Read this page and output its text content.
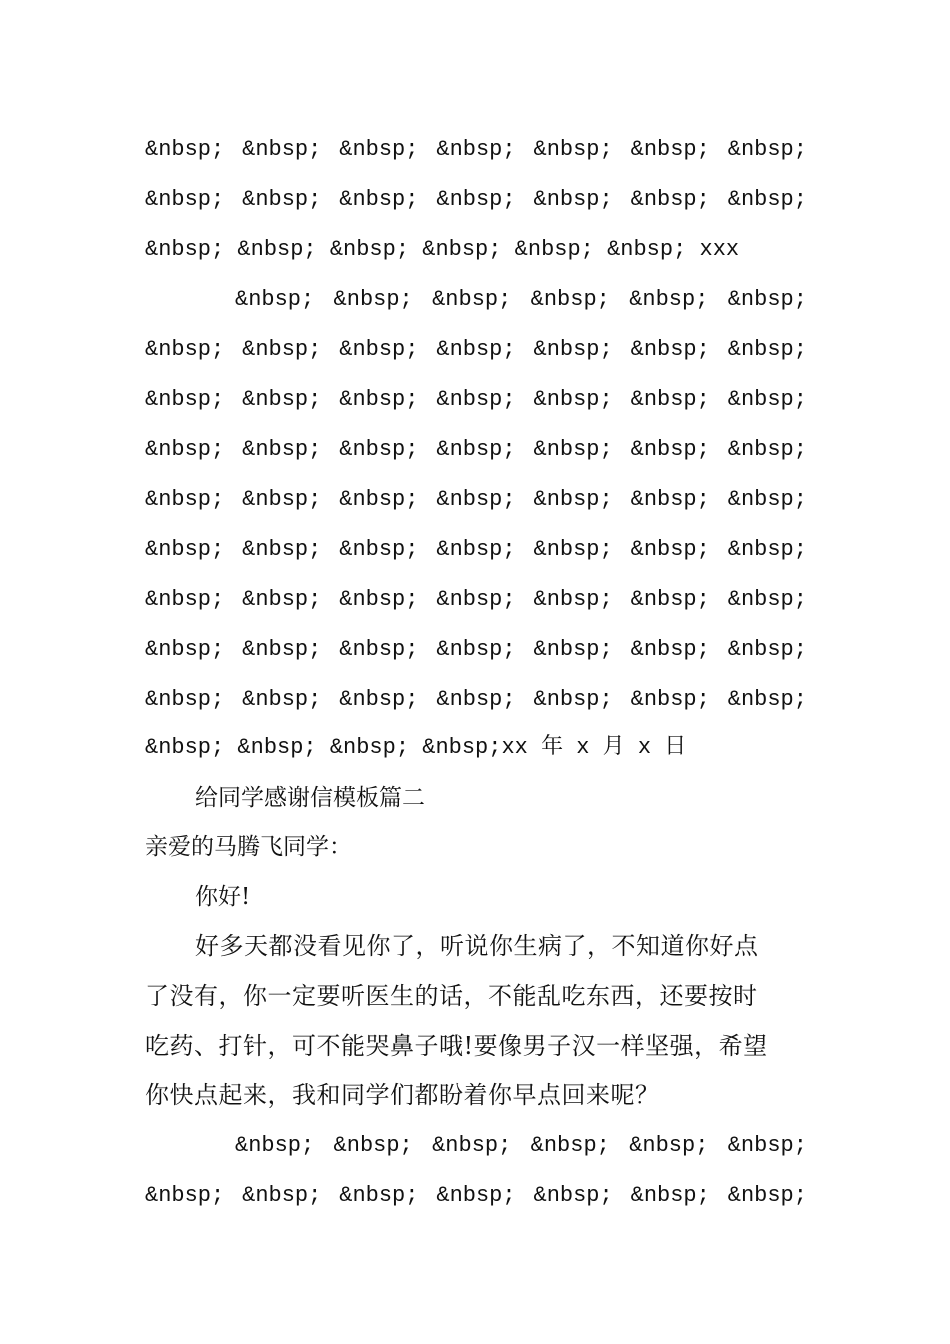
&nbsp; &nbsp; &nbsp; &nbsp; &nbsp; &nbsp; &nbsp;
&nbsp; &nbsp; &nbsp; &nbsp; &nbsp; &nbsp; &nbsp;
&nbsp; &nbsp; &nbsp; &nbsp; &nbsp; &nbsp; xxx
&nbsp; &nbsp; &nbsp; &nbsp; &nbsp; &nbsp;
&nbsp; &nbsp; &nbsp; &nbsp; &nbsp; &nbsp; &nbsp;
&nbsp; &nbsp; &nbsp; &nbsp; &nbsp; &nbsp; &nbsp;
&nbsp; &nbsp; &nbsp; &nbsp; &nbsp; &nbsp; &nbsp;
&nbsp; &nbsp; &nbsp; &nbsp; &nbsp; &nbsp; &nbsp;
&nbsp; &nbsp; &nbsp; &nbsp; &nbsp; &nbsp; &nbsp;
&nbsp; &nbsp; &nbsp; &nbsp; &nbsp; &nbsp; &nbsp;
&nbsp; &nbsp; &nbsp; &nbsp; &nbsp; &nbsp; &nbsp;
&nbsp; &nbsp; &nbsp; &nbsp; &nbsp; &nbsp; &nbsp;
&nbsp; &nbsp; &nbsp; &nbsp;xx 年 x 月 x 日
给同学感谢信模板篇二
亲爱的马腾飞同学：
你好!
好多天都没看见你了，听说你生病了，不知道你好点
了没有，你一定要听医生的话，不能乱吃东西，还要按时
吃药、打针，可不能哭鼻子哦!要像男子汉一样坚强，希望
你快点起来，我和同学们都盼着你早点回来呢？
&nbsp; &nbsp; &nbsp; &nbsp; &nbsp; &nbsp;
&nbsp; &nbsp; &nbsp; &nbsp; &nbsp; &nbsp; &nbsp;
